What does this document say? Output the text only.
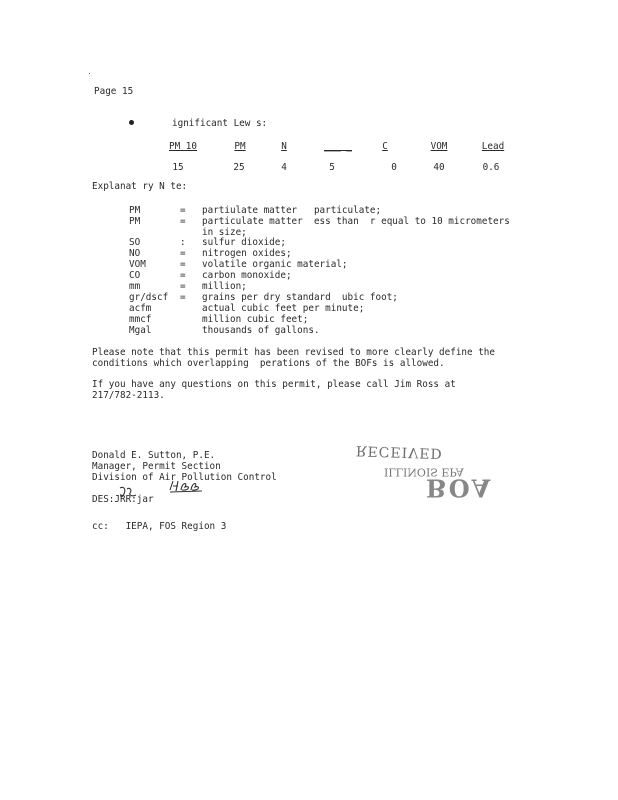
Page 15
ignificant Lew s:
PM 10	PM	N	___ _	C	VOM	Lead
15	25	4	5	0	40	0.6
Explanat ry N te:
PM	= partiulate matter   particulate;
PM	= particulate matter  ess than  r equal to 10 micrometers
in size;
SO	: sulfur dioxide;
NO	= nitrogen oxides;
VOM	= volatile organic material;
CO	= carbon monoxide;
mm	= million;
gr/dscf = grains per dry standard  ubic foot;
acfm	actual cubic feet per minute;
mmcf	million cubic feet;
Mgal	thousands of gallons.
Please note that this permit has been revised to more clearly define the
conditions which overlapping  perations of the BOFs is allowed.
If you have any questions on this permit, please call Jim Ross at
217/782-2113.
Donald E. Sutton, P.E.
Manager, Permit Section
Division of Air Pollution Control
DES:JRR:jar
RECEIVED
ILLINOIS EPA
BOA
cc:   IEPA, FOS Region 3
